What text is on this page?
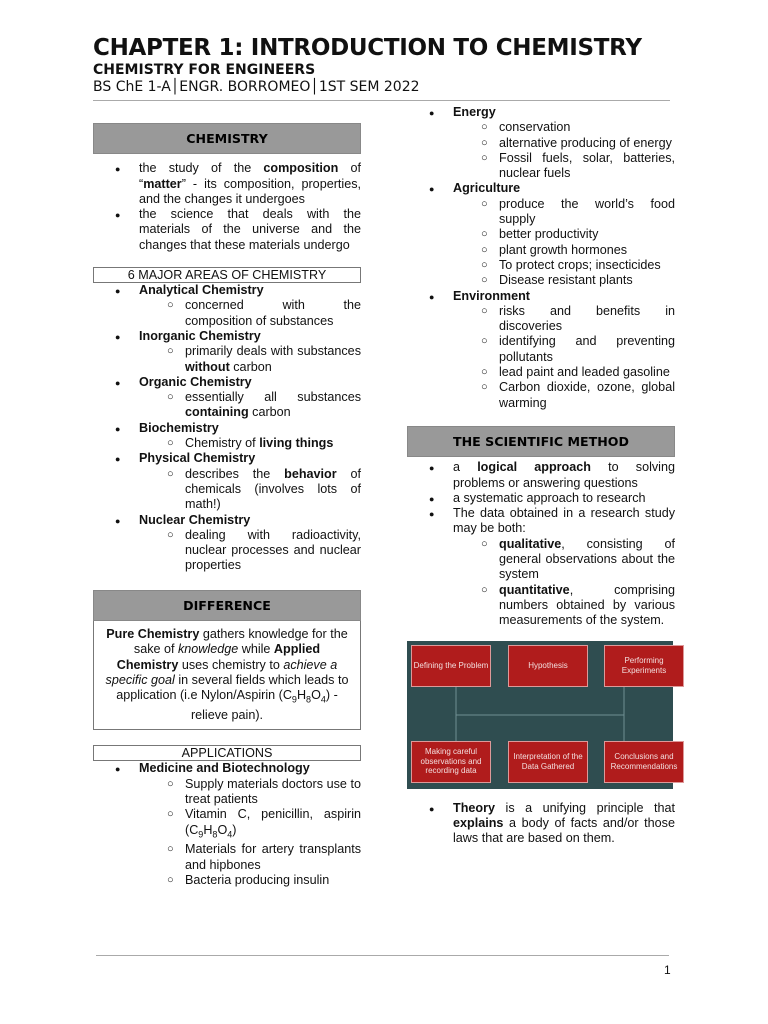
CHAPTER 1: INTRODUCTION TO CHEMISTRY
CHEMISTRY FOR ENGINEERS
BS ChE 1-A│ENGR. BORROMEO│1ST SEM 2022
CHEMISTRY
● the study of the composition of “matter” - its composition, properties, and the changes it undergoes
● the science that deals with the materials of the universe and the changes that these materials undergo
6 MAJOR AREAS OF CHEMISTRY
● Analytical Chemistry
○ concerned with the composition of substances
● Inorganic Chemistry
○ primarily deals with substances without carbon
● Organic Chemistry
○ essentially all substances containing carbon
● Biochemistry
○ Chemistry of living things
● Physical Chemistry
○ describes the behavior of chemicals (involves lots of math!)
● Nuclear Chemistry
○ dealing with radioactivity, nuclear processes and nuclear properties
DIFFERENCE
Pure Chemistry gathers knowledge for the sake of knowledge while Applied Chemistry uses chemistry to achieve a specific goal in several fields which leads to application (i.e Nylon/Aspirin $(C_9H_8O_4)$ - relieve pain).
APPLICATIONS
● Medicine and Biotechnology
○ Supply materials doctors use to treat patients
○ Vitamin C, penicillin, aspirin $(C_9H_8O_4)$
○ Materials for artery transplants and hipbones
○ Bacteria producing insulin
● Energy
○ conservation
○ alternative producing of energy
○ Fossil fuels, solar, batteries, nuclear fuels
● Agriculture
○ produce the world’s food supply
○ better productivity
○ plant growth hormones
○ To protect crops; insecticides
○ Disease resistant plants
● Environment
○ risks and benefits in discoveries
○ identifying and preventing pollutants
○ lead paint and leaded gasoline
○ Carbon dioxide, ozone, global warming
THE SCIENTIFIC METHOD
● a logical approach to solving problems or answering questions
● a systematic approach to research
● The data obtained in a research study may be both:
○ qualitative, consisting of general observations about the system
○ quantitative, comprising numbers obtained by various measurements of the system.
Defining the Problem	Hypothesis
Performing Experiments
Making careful observations and recording data
Interpretation of the Data Gathered
Conclusions and Recommendations
● Theory is a unifying principle that explains a body of facts and/or those laws that are based on them.
1
